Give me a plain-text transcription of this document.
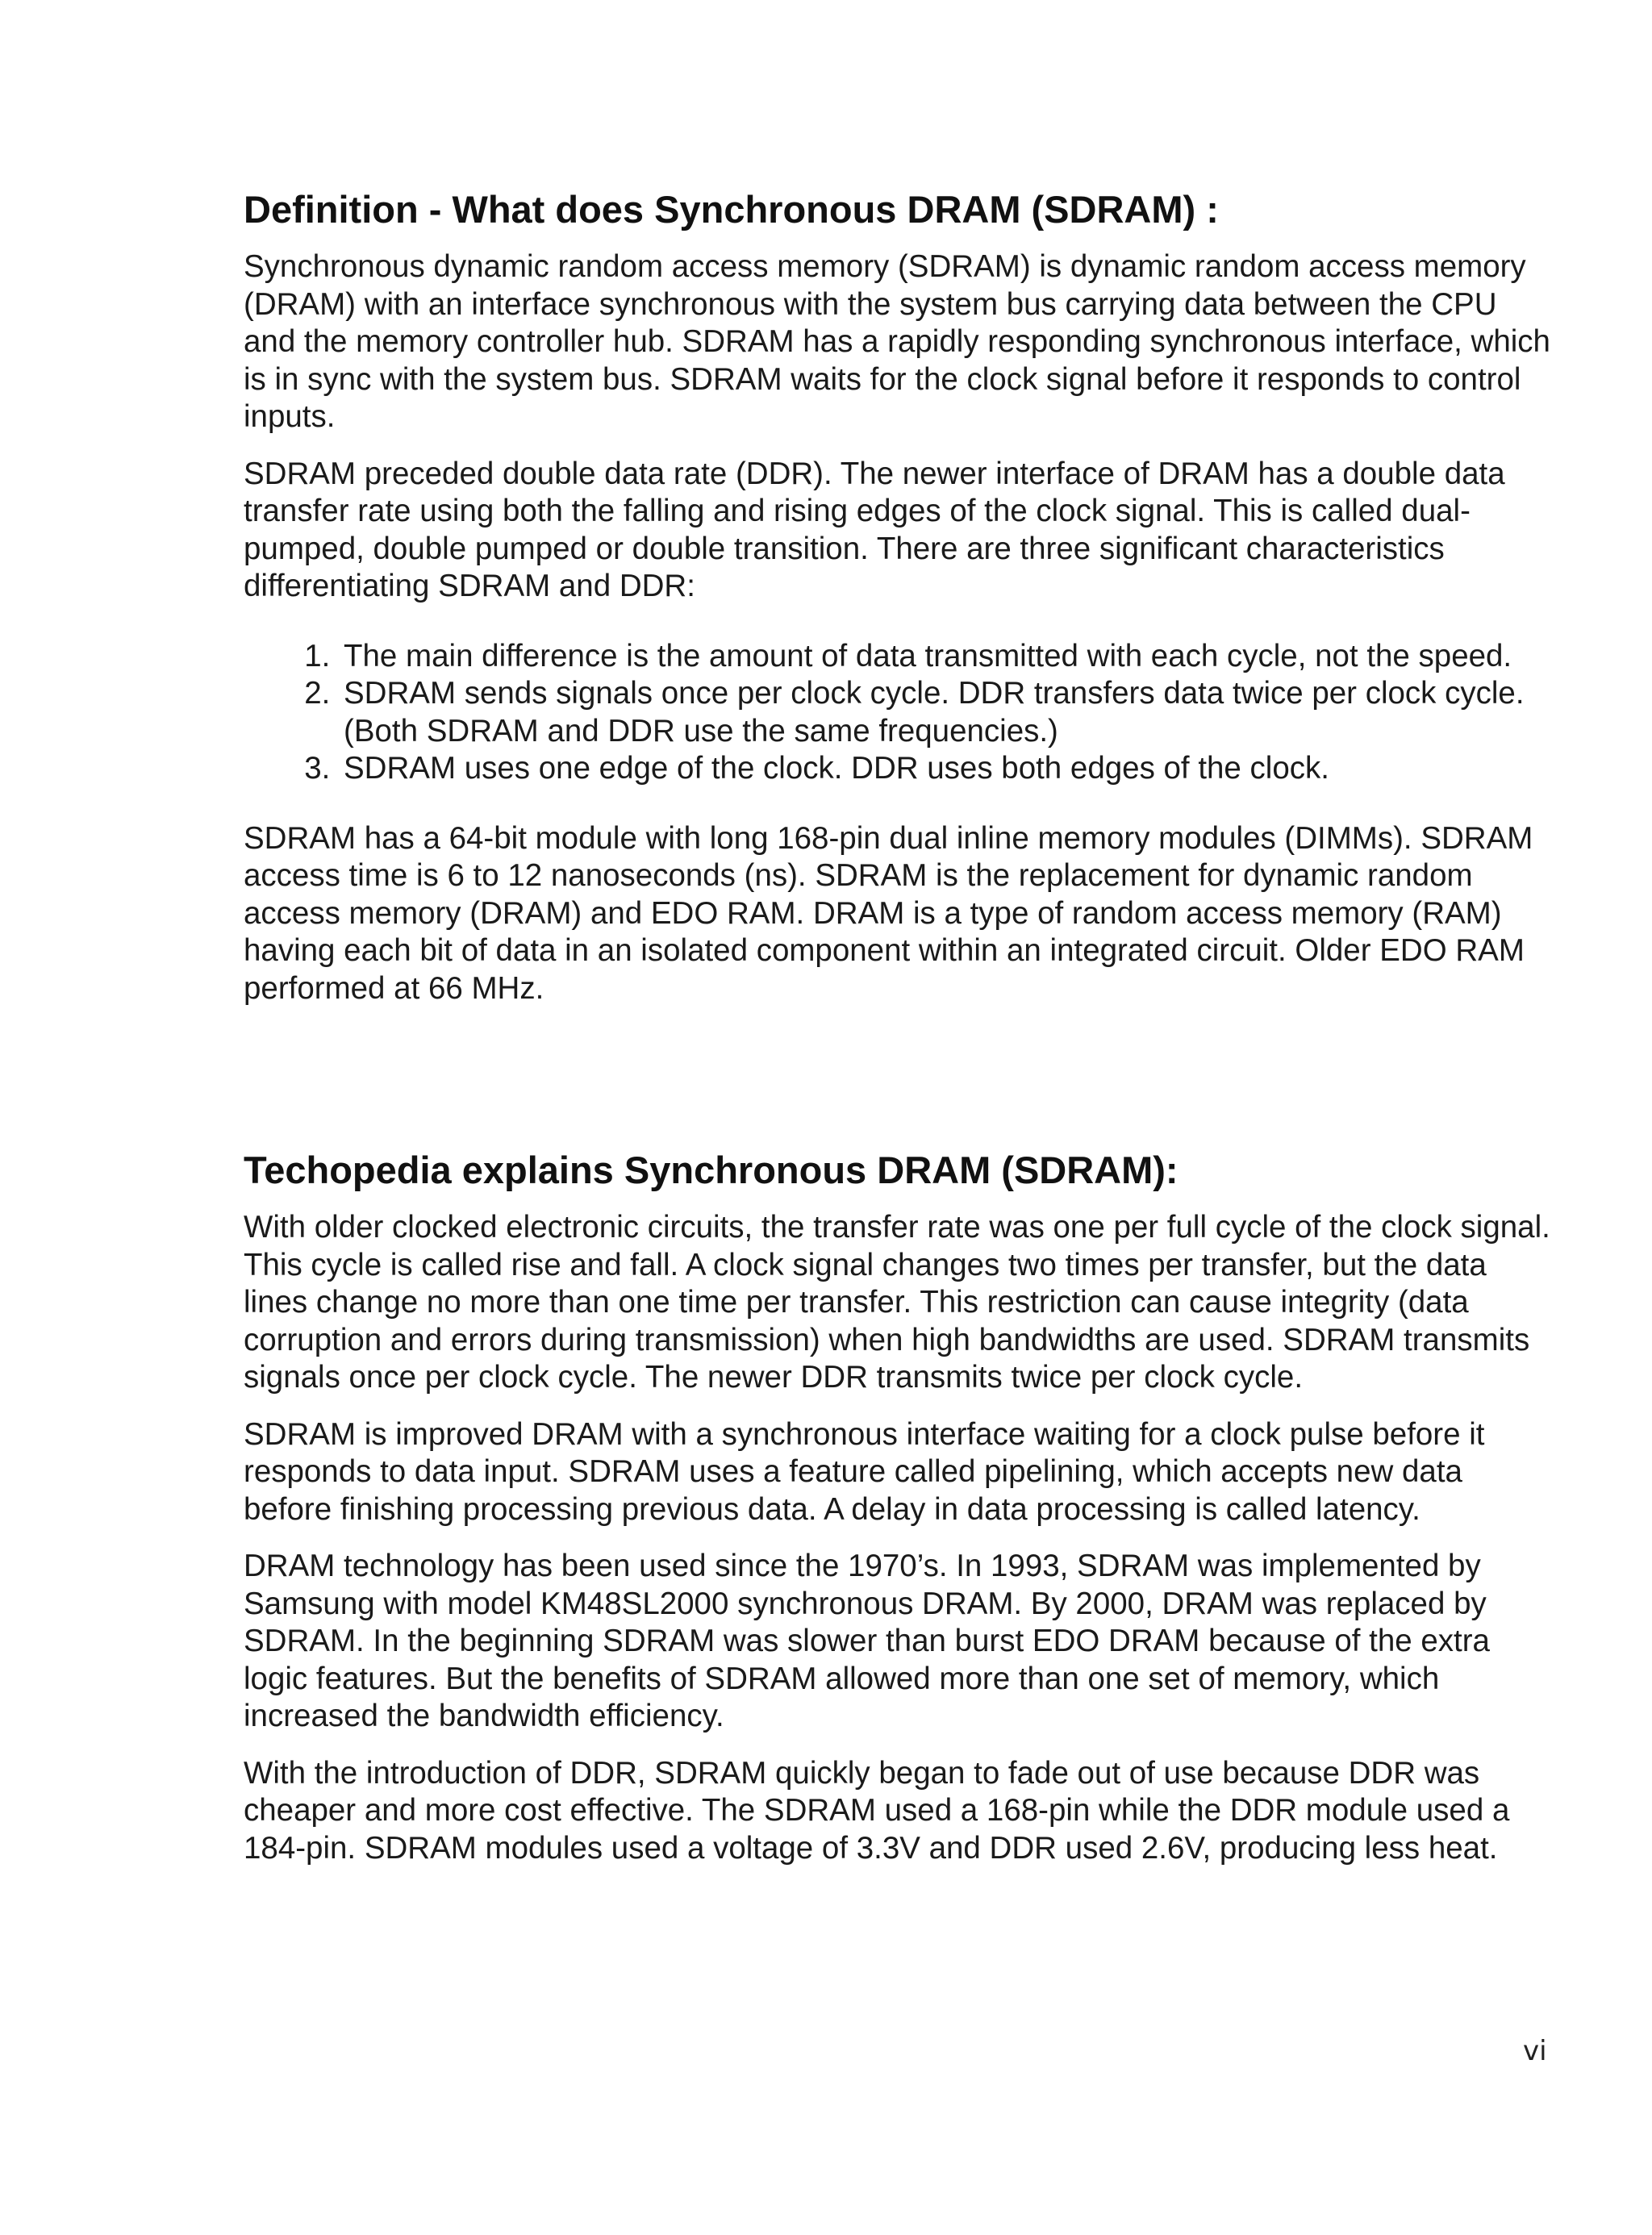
Definition - What does Synchronous DRAM (SDRAM) :

Synchronous dynamic random access memory (SDRAM) is dynamic random access memory (DRAM) with an interface synchronous with the system bus carrying data between the CPU and the memory controller hub. SDRAM has a rapidly responding synchronous interface, which is in sync with the system bus. SDRAM waits for the clock signal before it responds to control inputs.

SDRAM preceded double data rate (DDR). The newer interface of DRAM has a double data transfer rate using both the falling and rising edges of the clock signal. This is called dual-pumped, double pumped or double transition. There are three significant characteristics differentiating SDRAM and DDR:

1. The main difference is the amount of data transmitted with each cycle, not the speed.
2. SDRAM sends signals once per clock cycle. DDR transfers data twice per clock cycle. (Both SDRAM and DDR use the same frequencies.)
3. SDRAM uses one edge of the clock. DDR uses both edges of the clock.

SDRAM has a 64-bit module with long 168-pin dual inline memory modules (DIMMs). SDRAM access time is 6 to 12 nanoseconds (ns). SDRAM is the replacement for dynamic random access memory (DRAM) and EDO RAM. DRAM is a type of random access memory (RAM) having each bit of data in an isolated component within an integrated circuit. Older EDO RAM performed at 66 MHz.

Techopedia explains Synchronous DRAM (SDRAM):

With older clocked electronic circuits, the transfer rate was one per full cycle of the clock signal. This cycle is called rise and fall. A clock signal changes two times per transfer, but the data lines change no more than one time per transfer. This restriction can cause integrity (data corruption and errors during transmission) when high bandwidths are used. SDRAM transmits signals once per clock cycle. The newer DDR transmits twice per clock cycle.

SDRAM is improved DRAM with a synchronous interface waiting for a clock pulse before it responds to data input. SDRAM uses a feature called pipelining, which accepts new data before finishing processing previous data. A delay in data processing is called latency.

DRAM technology has been used since the 1970’s. In 1993, SDRAM was implemented by Samsung with model KM48SL2000 synchronous DRAM. By 2000, DRAM was replaced by SDRAM. In the beginning SDRAM was slower than burst EDO DRAM because of the extra logic features. But the benefits of SDRAM allowed more than one set of memory, which increased the bandwidth efficiency.

With the introduction of DDR, SDRAM quickly began to fade out of use because DDR was cheaper and more cost effective. The SDRAM used a 168-pin while the DDR module used a 184-pin. SDRAM modules used a voltage of 3.3V and DDR used 2.6V, producing less heat.

vi
